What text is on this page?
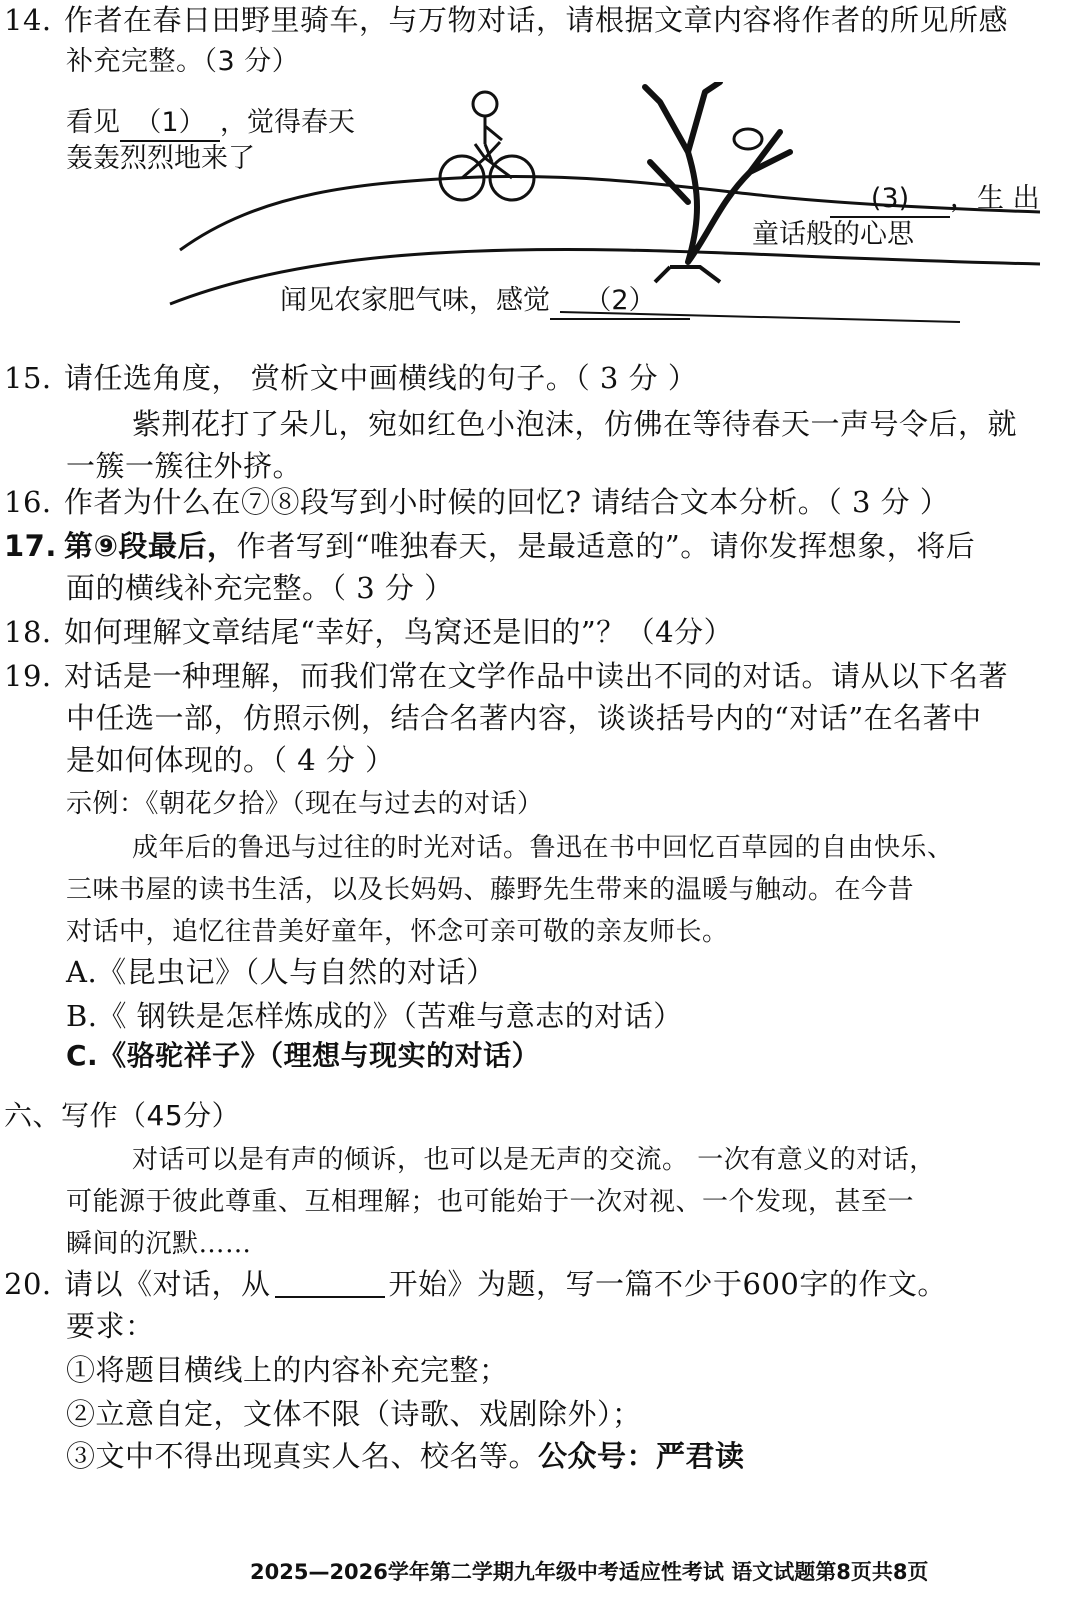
14. 作者在春日田野里骑车，与万物对话，请根据文章内容将作者的所见所感
补充完整。（3 分）
看见 （1） ，觉得春天
轰轰烈烈地来了
(3) ，生 出
童话般的心思
闻见农家肥气味，感觉 （2）
15. 请任选角度， 赏析文中画横线的句子。（ 3 分 ）
紫荆花打了朵儿，宛如红色小泡沫，仿佛在等待春天一声号令后，就
一簇一簇往外挤。
16. 作者为什么在⑦⑧段写到小时候的回忆? 请结合文本分析。（ 3 分 ）
17. 第⑨段最后，作者写到“唯独春天，是最适意的”。请你发挥想象，将后
面的横线补充完整。（ 3 分 ）
18. 如何理解文章结尾“幸好，鸟窝还是旧的”？（4分）
19. 对话是一种理解，而我们常在文学作品中读出不同的对话。请从以下名著
中任选一部，仿照示例，结合名著内容，谈谈括号内的“对话”在名著中
是如何体现的。（ 4 分 ）
示例：《朝花夕拾》（现在与过去的对话）
成年后的鲁迅与过往的时光对话。鲁迅在书中回忆百草园的自由快乐、
三味书屋的读书生活，以及长妈妈、藤野先生带来的温暖与触动。在今昔
对话中，追忆往昔美好童年，怀念可亲可敬的亲友师长。
A.《昆虫记》（人与自然的对话）
B.《 钢铁是怎样炼成的》（苦难与意志的对话）
C.《骆驼祥子》（理想与现实的对话）
六、写作（45分）
对话可以是有声的倾诉，也可以是无声的交流。 一次有意义的对话，
可能源于彼此尊重、互相理解；也可能始于一次对视、一个发现，甚至一
瞬间的沉默……
20. 请以《对话，从	开始》为题，写一篇不少于600字的作文。
要求：
①将题目横线上的内容补充完整；
②立意自定，文体不限（诗歌、戏剧除外）；
③文中不得出现真实人名、校名等。公众号：严君读
2025—2026学年第二学期九年级中考适应性考试 语文试题第8页共8页
